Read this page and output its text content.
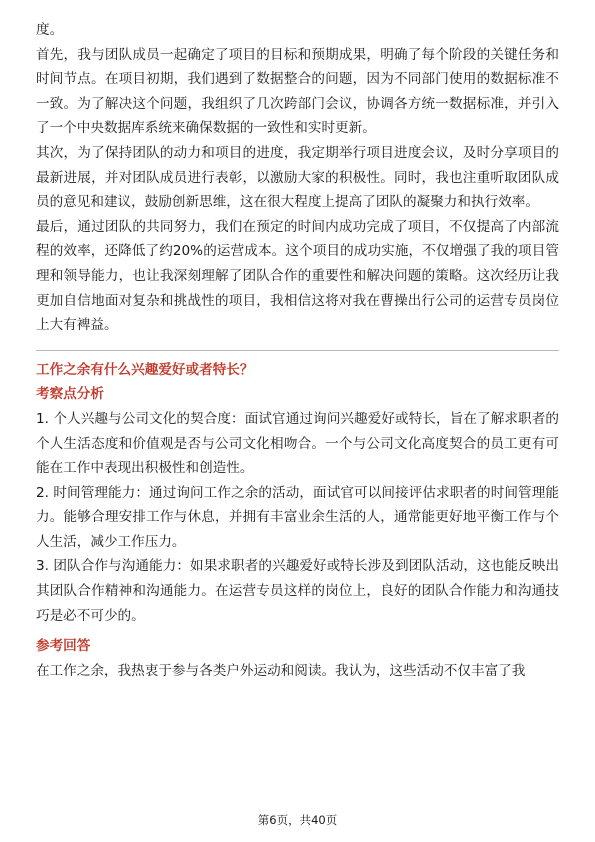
度。

首先，我与团队成员一起确定了项目的目标和预期成果，明确了每个阶段的关键任务和时间节点。在项目初期，我们遇到了数据整合的问题，因为不同部门使用的数据标准不一致。为了解决这个问题，我组织了几次跨部门会议，协调各方统一数据标准，并引入了一个中央数据库系统来确保数据的一致性和实时更新。

其次，为了保持团队的动力和项目的进度，我定期举行项目进度会议，及时分享项目的最新进展，并对团队成员进行表彰，以激励大家的积极性。同时，我也注重听取团队成员的意见和建议，鼓励创新思维，这在很大程度上提高了团队的凝聚力和执行效率。

最后，通过团队的共同努力，我们在预定的时间内成功完成了项目，不仅提高了内部流程的效率，还降低了约20%的运营成本。这个项目的成功实施，不仅增强了我的项目管理和领导能力，也让我深刻理解了团队合作的重要性和解决问题的策略。这次经历让我更加自信地面对复杂和挑战性的项目，我相信这将对我在曹操出行公司的运营专员岗位上大有裨益。

工作之余有什么兴趣爱好或者特长？

考察点分析

1. 个人兴趣与公司文化的契合度：面试官通过询问兴趣爱好或特长，旨在了解求职者的个人生活态度和价值观是否与公司文化相吻合。一个与公司文化高度契合的员工更有可能在工作中表现出积极性和创造性。

2. 时间管理能力：通过询问工作之余的活动，面试官可以间接评估求职者的时间管理能力。能够合理安排工作与休息，并拥有丰富业余生活的人，通常能更好地平衡工作与个人生活，减少工作压力。

3. 团队合作与沟通能力：如果求职者的兴趣爱好或特长涉及到团队活动，这也能反映出其团队合作精神和沟通能力。在运营专员这样的岗位上，良好的团队合作能力和沟通技巧是必不可少的。

参考回答

在工作之余，我热衷于参与各类户外运动和阅读。我认为，这些活动不仅丰富了我

第6页，共40页
